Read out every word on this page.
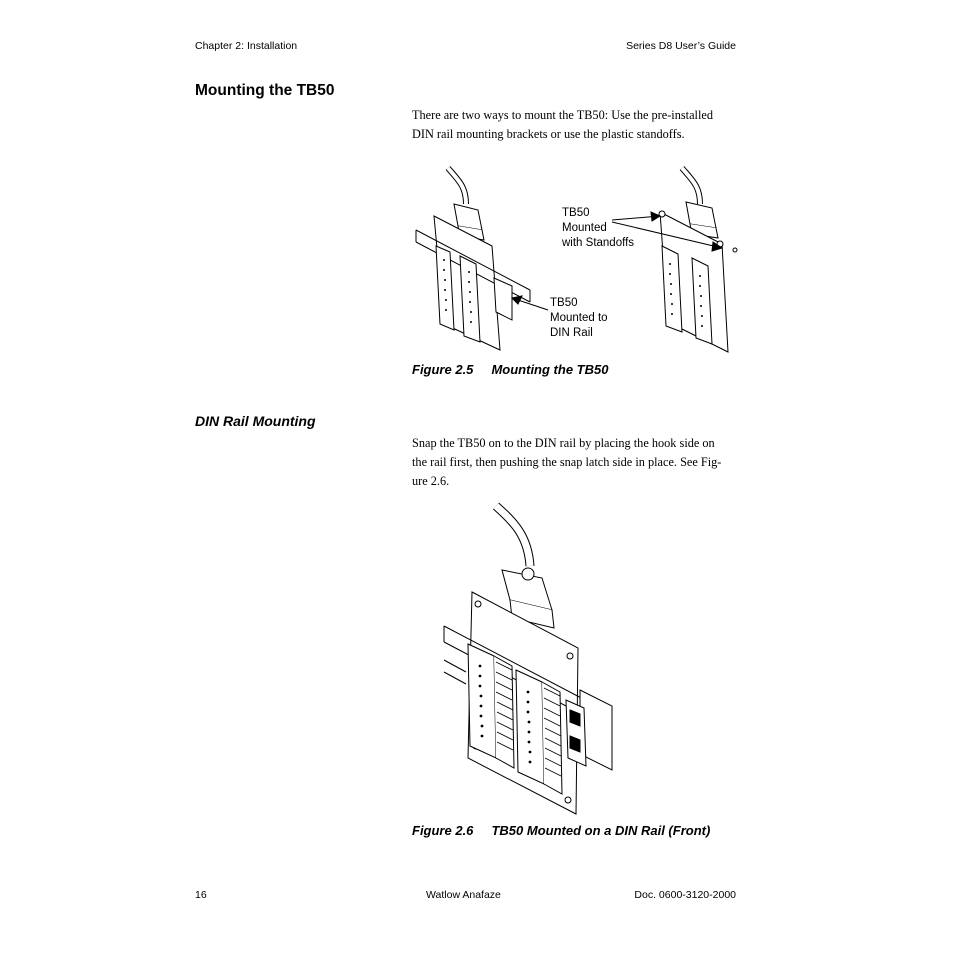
Chapter 2: Installation	Series D8 User’s Guide
Mounting the TB50
There are two ways to mount the TB50: Use the pre-installed
DIN rail mounting brackets or use the plastic standoffs.
TB50
Mounted
with Standoffs
TB50
Mounted to
DIN Rail
Figure 2.5     Mounting the TB50
DIN Rail Mounting
Snap the TB50 on to the DIN rail by placing the hook side on
the rail first, then pushing the snap latch side in place. See Fig-
ure 2.6.
Figure 2.6     TB50 Mounted on a DIN Rail (Front)
16	Watlow Anafaze	Doc. 0600-3120-2000
